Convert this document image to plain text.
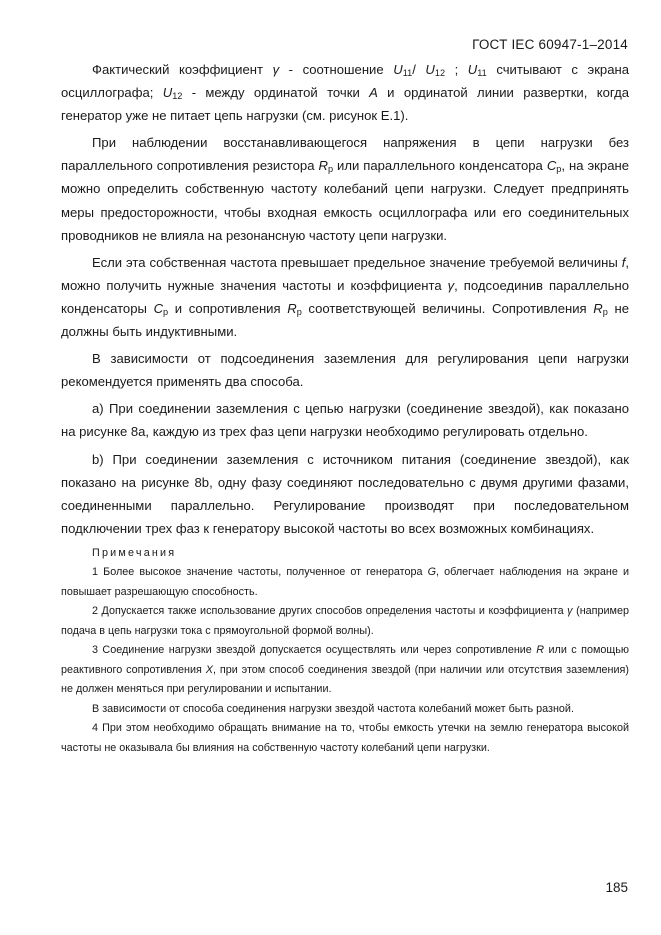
ГОСТ IEC 60947-1–2014

Фактический коэффициент γ - соотношение $U_{11}/$ $U_{12}$ ; $U_{11}$ считывают с экрана осциллографа; $U_{12}$ - между ординатой точки A и ординатой линии развертки, когда генератор уже не питает цепь нагрузки (см. рисунок Е.1).

При наблюдении восстанавливающегося напряжения в цепи нагрузки без параллельного сопротивления резистора $R_p$ или параллельного конденсатора $C_p$, на экране можно определить собственную частоту колебаний цепи нагрузки. Следует предпринять меры предосторожности, чтобы входная емкость осциллографа или его соединительных проводников не влияла на резонансную частоту цепи нагрузки.

Если эта собственная частота превышает предельное значение требуемой величины f, можно получить нужные значения частоты и коэффициента γ, подсоединив параллельно конденсаторы $C_p$ и сопротивления $R_p$ соответствующей величины. Сопротивления $R_p$ не должны быть индуктивными.

В зависимости от подсоединения заземления для регулирования цепи нагрузки рекомендуется применять два способа.

a) При соединении заземления с цепью нагрузки (соединение звездой), как показано на рисунке 8a, каждую из трех фаз цепи нагрузки необходимо регулировать отдельно.

b) При соединении заземления с источником питания (соединение звездой), как показано на рисунке 8b, одну фазу соединяют последовательно с двумя другими фазами, соединенными параллельно. Регулирование производят при последовательном подключении трех фаз к генератору высокой частоты во всех возможных комбинациях.

Примечания

1 Более высокое значение частоты, полученное от генератора G, облегчает наблюдения на экране и повышает разрешающую способность.

2 Допускается также использование других способов определения частоты и коэффициента γ (например подача в цепь нагрузки тока с прямоугольной формой волны).

3 Соединение нагрузки звездой допускается осуществлять или через сопротивление R или с помощью реактивного сопротивления X, при этом способ соединения звездой (при наличии или отсутствия заземления) не должен меняться при регулировании и испытании.

В зависимости от способа соединения нагрузки звездой частота колебаний может быть разной.

4 При этом необходимо обращать внимание на то, чтобы емкость утечки на землю генератора высокой частоты не оказывала бы влияния на собственную частоту колебаний цепи нагрузки.

185
